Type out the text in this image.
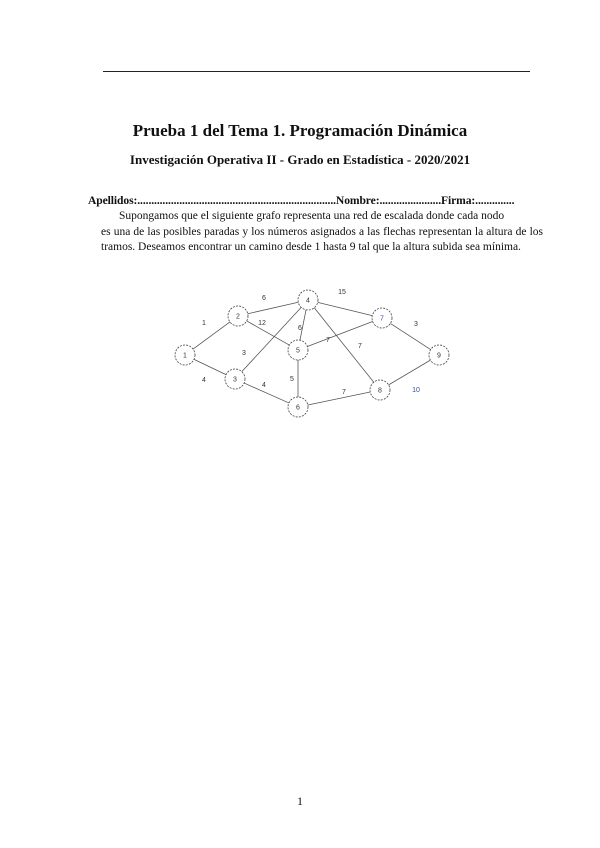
Prueba 1 del Tema 1. Programación Dinámica
Investigación Operativa II - Grado en Estadística - 2020/2021
Apellidos:.......................................................................Nombre:......................Firma:..............
Supongamos que el siguiente grafo representa una red de escalada donde cada nodo
es una de las posibles paradas y los números asignados a las flechas representan la altura de los tramos. Deseamos encontrar un camino desde 1 hasta 9 tal que la altura subida sea mínima.
1
4
6
12
3
4
6
15
7
5
7
7
3
10
1
2
3
4
5
6
7
8
9
1
